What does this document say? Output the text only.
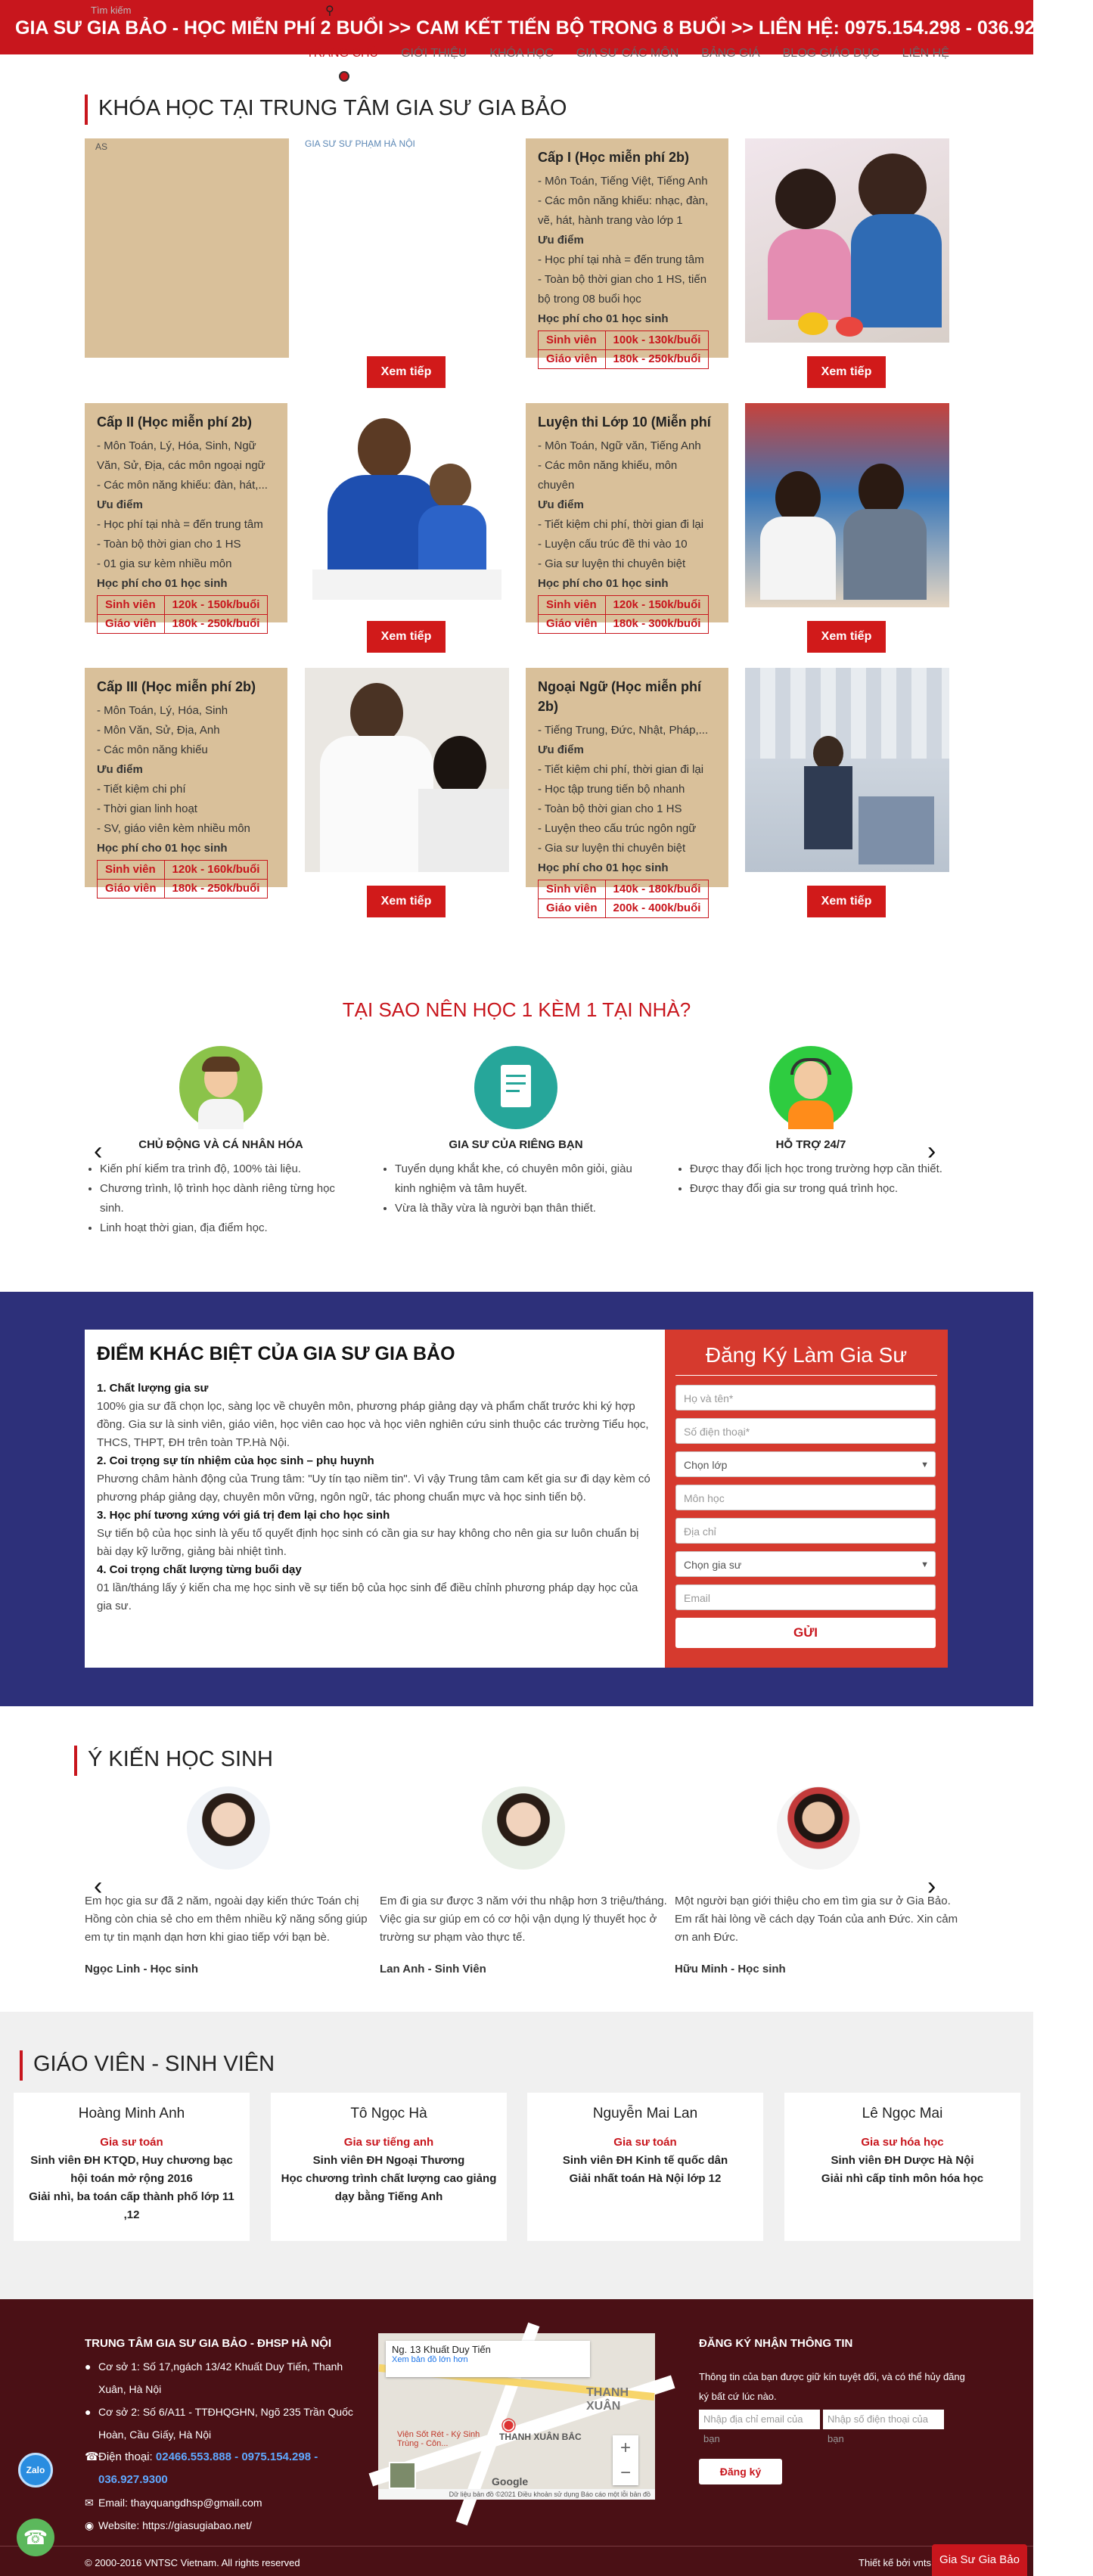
GIA SƯ GIA BẢO - HỌC MIỄN PHÍ 2 BUỔI >> CAM KẾT TIẾN BỘ TRONG 8 BUỔI >> LIÊN HỆ: 0975.154.298 - 036.927.9300
Tìm kiếm	⚲
TRANG CHỦ GIỚI THIỆU KHÓA HỌC GIA SƯ CÁC MÔN BẢNG GIÁ BLOG GIÁO DỤC LIÊN HỆ
KHÓA HỌC TẠI TRUNG TÂM GIA SƯ GIA BẢO
AS	GIA SƯ SƯ PHẠM HÀ NỘI
Cấp I (Học miễn phí 2b)
- Môn Toán, Tiếng Việt, Tiếng Anh
- Các môn năng khiếu: nhạc, đàn, vẽ, hát, hành trang vào lớp 1
Ưu điểm
- Học phí tại nhà = đến trung tâm
- Toàn bộ thời gian cho 1 HS, tiến bộ trong 08 buổi học
Học phí cho 01 học sinh
Sinh viên	100k - 130k/buổi
Giáo viên	180k - 250k/buổi
Xem tiếp	Xem tiếp
Cấp II (Học miễn phí 2b)
- Môn Toán, Lý, Hóa, Sinh, Ngữ Văn, Sử, Địa, các môn ngoại ngữ
- Các môn năng khiếu: đàn, hát,...
Ưu điểm
- Học phí tại nhà = đến trung tâm
- Toàn bộ thời gian cho 1 HS
- 01 gia sư kèm nhiều môn
Học phí cho 01 học sinh
Sinh viên	120k - 150k/buổi
Giáo viên	180k - 250k/buổi
Luyện thi Lớp 10 (Miễn phí
- Môn Toán, Ngữ văn, Tiếng Anh
- Các môn năng khiếu, môn chuyên
Ưu điểm
- Tiết kiệm chi phí, thời gian đi lại
- Luyện cấu trúc đề thi vào 10
- Gia sư luyện thi chuyên biệt
Học phí cho 01 học sinh
Sinh viên	120k - 150k/buổi
Giáo viên	180k - 300k/buổi
Xem tiếp	Xem tiếp
Cấp III (Học miễn phí 2b)
- Môn Toán, Lý, Hóa, Sinh
- Môn Văn, Sử, Địa, Anh
- Các môn năng khiếu
Ưu điểm
- Tiết kiệm chi phí
- Thời gian linh hoạt
- SV, giáo viên kèm nhiều môn
Học phí cho 01 học sinh
Sinh viên	120k - 160k/buổi
Giáo viên	180k - 250k/buổi
Ngoại Ngữ (Học miễn phí 2b)
- Tiếng Trung, Đức, Nhật, Pháp,...
Ưu điểm
- Tiết kiệm chi phí, thời gian đi lại
- Học tập trung tiến bộ nhanh
- Toàn bộ thời gian cho 1 HS
- Luyện theo cấu trúc ngôn ngữ
- Gia sư luyện thi chuyên biệt
Học phí cho 01 học sinh
Sinh viên	140k - 180k/buổi
Giáo viên	200k - 400k/buổi
Xem tiếp	Xem tiếp
TẠI SAO NÊN HỌC 1 KÈM 1 TẠI NHÀ?
‹	›
CHỦ ĐỘNG VÀ CÁ NHÂN HÓA
• Kiến phí kiểm tra trình độ, 100% tài liệu.
• Chương trình, lộ trình học dành riêng từng học sinh.
• Linh hoạt thời gian, địa điểm học.
GIA SƯ CỦA RIÊNG BẠN
• Tuyển dụng khắt khe, có chuyên môn giỏi, giàu kinh nghiệm và tâm huyết.
• Vừa là thầy vừa là người bạn thân thiết.
HỖ TRỢ 24/7
• Được thay đổi lịch học trong trường hợp cần thiết.
• Được thay đổi gia sư trong quá trình học.
ĐIỂM KHÁC BIỆT CỦA GIA SƯ GIA BẢO
1. Chất lượng gia sư
100% gia sư đã chọn lọc, sàng lọc về chuyên môn, phương pháp giảng dạy và phẩm chất trước khi ký hợp đồng. Gia sư là sinh viên, giáo viên, học viên cao học và học viên nghiên cứu sinh thuộc các trường Tiểu học, THCS, THPT, ĐH trên toàn TP.Hà Nội.
2. Coi trọng sự tín nhiệm của học sinh – phụ huynh
Phương châm hành động của Trung tâm: "Uy tín tạo niềm tin". Vì vậy Trung tâm cam kết gia sư đi dạy kèm có phương pháp giảng dạy, chuyên môn vững, ngôn ngữ, tác phong chuẩn mực và học sinh tiến bộ.
3. Học phí tương xứng với giá trị đem lại cho học sinh
Sự tiến bộ của học sinh là yếu tố quyết định học sinh có cần gia sư hay không cho nên gia sư luôn chuẩn bị bài dạy kỹ lưỡng, giảng bài nhiệt tình.
4. Coi trọng chất lượng từng buổi dạy
01 lần/tháng lấy ý kiến cha mẹ học sinh về sự tiến bộ của học sinh để điều chỉnh phương pháp dạy học của gia sư.
Đăng Ký Làm Gia Sư
Họ và tên*
Số điện thoại*
Chọn lớp	▼
Môn học
Địa chỉ
Chọn gia sư	▼
Email
GỬI
Ý KIẾN HỌC SINH
‹	›
Em học gia sư đã 2 năm, ngoài dạy kiến thức Toán chị Hồng còn chia sẻ cho em thêm nhiều kỹ năng sống giúp em tự tin mạnh dạn hơn khi giao tiếp với bạn bè.
Ngọc Linh - Học sinh
Em đi gia sư được 3 năm với thu nhập hơn 3 triệu/tháng. Việc gia sư giúp em có cơ hội vận dụng lý thuyết học ở trường sư phạm vào thực tế.
Lan Anh - Sinh Viên
Một người bạn giới thiệu cho em tìm gia sư ở Gia Bảo. Em rất hài lòng về cách dạy Toán của anh Đức. Xin cảm ơn anh Đức.
Hữu Minh - Học sinh
GIÁO VIÊN - SINH VIÊN
Hoàng Minh Anh
Gia sư toán
Sinh viên ĐH KTQD, Huy chương bạc hội toán mở rộng 2016
Giải nhì, ba toán cấp thành phố lớp 11 ,12
Tô Ngọc Hà
Gia sư tiếng anh
Sinh viên ĐH Ngoại Thương
Học chương trình chất lượng cao giảng dạy bằng Tiếng Anh
Nguyễn Mai Lan
Gia sư toán
Sinh viên ĐH Kinh tế quốc dân
Giải nhất toán Hà Nội lớp 12
Lê Ngọc Mai
Gia sư hóa học
Sinh viên ĐH Dược Hà Nội
Giải nhì cấp tỉnh môn hóa học
TRUNG TÂM GIA SƯ GIA BẢO - ĐHSP HÀ NỘI
● Cơ sở 1: Số 17,ngách 13/42 Khuất Duy Tiến, Thanh Xuân, Hà Nội
● Cơ sở 2: Số 6/A11 - TTĐHQGHN, Ngõ 235 Trần Quốc Hoàn, Cầu Giấy, Hà Nội
☎ Điện thoại: 02466.553.888 - 0975.154.298 - 036.927.9300
✉ Email: thayquangdhsp@gmail.com
◉ Website: https://giasugiabao.net/
ĐĂNG KÝ NHẬN THÔNG TIN
Thông tin của bạn được giữ kín tuyệt đối, và có thể hủy đăng ký bất cứ lúc nào.
Nhập địa chỉ email của bạnNhập số điện thoại của bạn
Đăng ký
© 2000-2016 VNTSC Vietnam. All rights reserved	Thiết kế bởi vnts
Ng. 13 Khuất Duy Tiến
Xem bản đồ lớn hơn
◉
THANH XUÂN BẮC
THANH XUÂN
Viện Sốt Rét - Ký Sinh Trùng - Côn...	+
−
Google
Dữ liệu bản đồ ©2021 Điều khoản sử dụng Báo cáo một lỗi bản đồ
Zalo
☎
Gia Sư Gia Bảo
